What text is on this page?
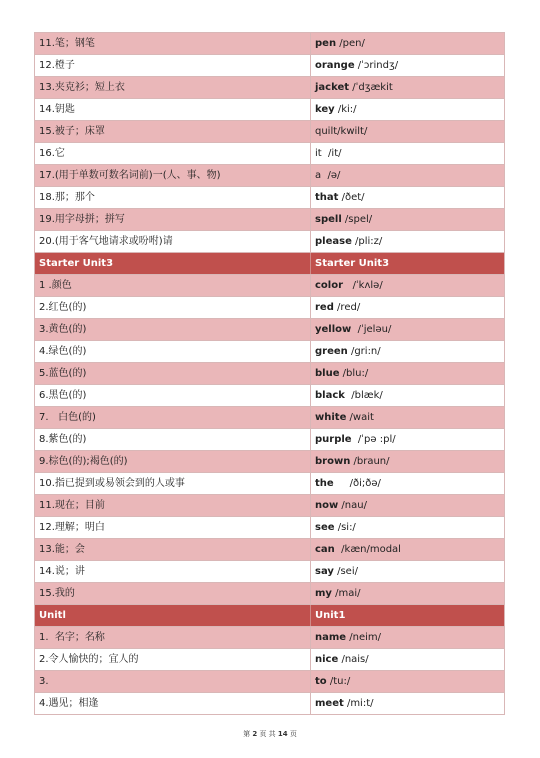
11.笔；钢笔	pen /pen/
12.橙子	orange /ˈɔrindʒ/
13.夹克衫；短上衣	jacket /ˈdʒækit
14.钥匙	key /ki:/
15.被子；床罩	quilt/kwilt/
16.它	it  /it/
17.(用于单数可数名词前)一(人、事、物)	a  /ə/
18.那；那个	that /ðet/
19.用字母拼；拼写	spell /spel/
20.(用于客气地请求或吩咐)请	please /pli:z/
Starter Unit3	Starter Unit3
1 .颜色	color   /ˈkʌlə/
2.红色(的)	red /red/
3.黄色(的)	yellow  /ˈjeləu/
4.绿色(的)	green /gri:n/
5.蓝色(的)	blue /blu:/
6.黑色(的)	black  /blæk/
7.   白色(的)	white /wait
8.紫色(的)	purple  /ˈpə :pl/
9.棕色(的);褐色(的)	brown /braun/
10.指已提到或易领会到的人或事	the     /ði;ðə/
11.现在；目前	now /nau/
12.理解；明白	see /si:/
13.能；会	can  /kæn/modal
14.说；讲	say /sei/
15.我的	my /mai/
Unitl	Unit1
1.  名字；名称	name /neim/
2.令人愉快的；宜人的	nice /nais/
3.	to /tu:/
4.遇见；相逢	meet /mi:t/
第 2 页 共 14 页
